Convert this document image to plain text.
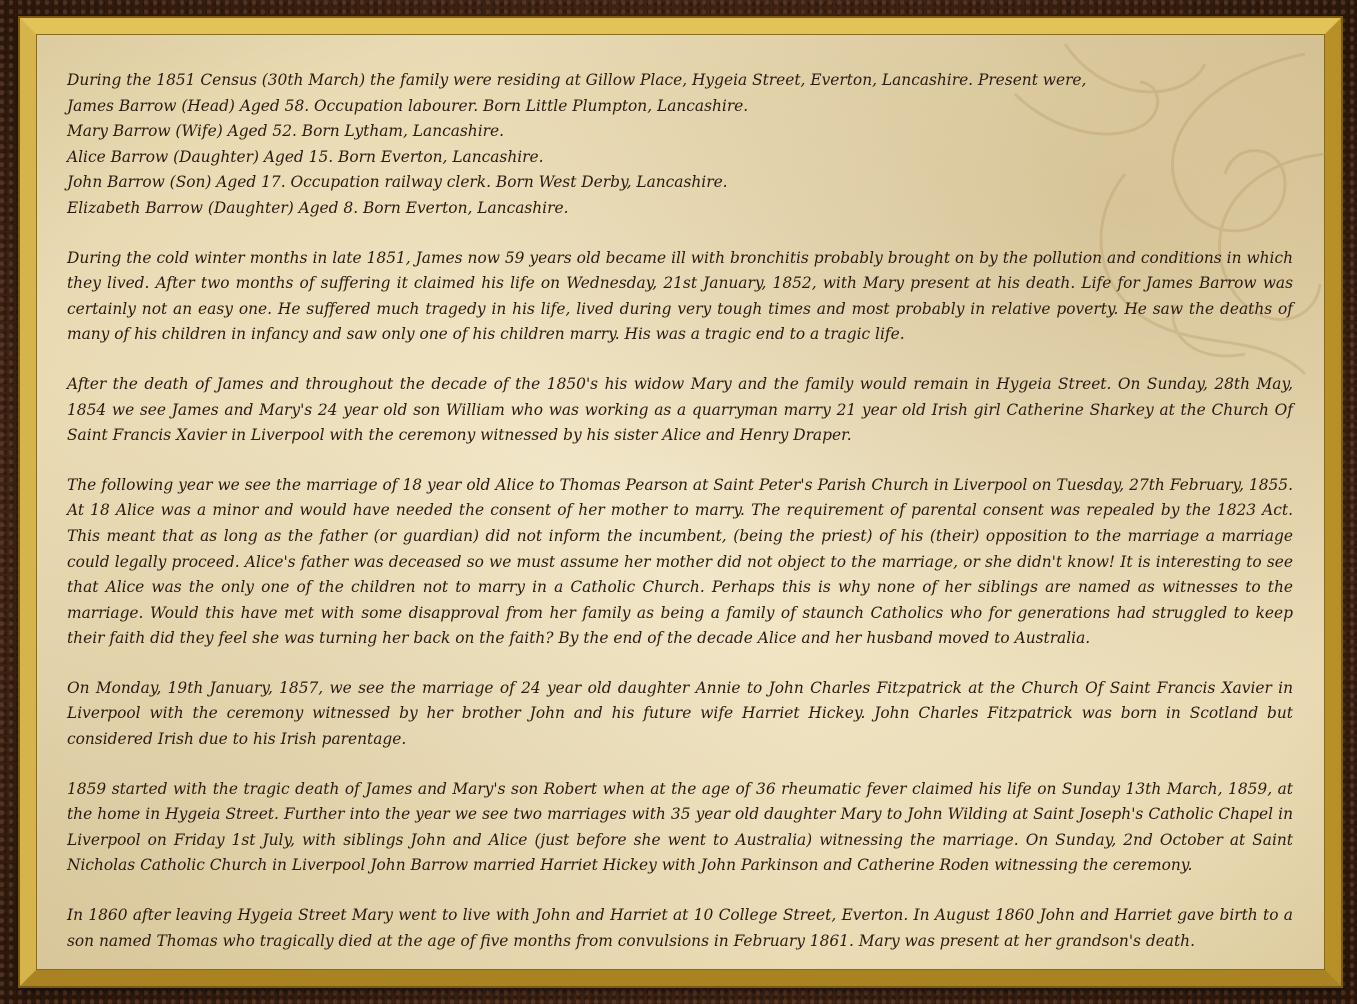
During the 1851 Census (30th March) the family were residing at Gillow Place, Hygeia Street, Everton, Lancashire. Present were,
James Barrow (Head) Aged 58. Occupation labourer. Born Little Plumpton, Lancashire.
Mary Barrow (Wife) Aged 52. Born Lytham, Lancashire.
Alice Barrow (Daughter) Aged 15. Born Everton, Lancashire.
John Barrow (Son) Aged 17. Occupation railway clerk. Born West Derby, Lancashire.
Elizabeth Barrow (Daughter) Aged 8. Born Everton, Lancashire.

During the cold winter months in late 1851, James now 59 years old became ill with bronchitis probably brought on by the pollution and conditions in which they lived. After two months of suffering it claimed his life on Wednesday, 21st January, 1852, with Mary present at his death. Life for James Barrow was certainly not an easy one. He suffered much tragedy in his life, lived during very tough times and most probably in relative poverty. He saw the deaths of many of his children in infancy and saw only one of his children marry. His was a tragic end to a tragic life.

After the death of James and throughout the decade of the 1850's his widow Mary and the family would remain in Hygeia Street. On Sunday, 28th May, 1854 we see James and Mary's 24 year old son William who was working as a quarryman marry 21 year old Irish girl Catherine Sharkey at the Church Of Saint Francis Xavier in Liverpool with the ceremony witnessed by his sister Alice and Henry Draper.

The following year we see the marriage of 18 year old Alice to Thomas Pearson at Saint Peter's Parish Church in Liverpool on Tuesday, 27th February, 1855. At 18 Alice was a minor and would have needed the consent of her mother to marry. The requirement of parental consent was repealed by the 1823 Act. This meant that as long as the father (or guardian) did not inform the incumbent, (being the priest) of his (their) opposition to the marriage a marriage could legally proceed. Alice's father was deceased so we must assume her mother did not object to the marriage, or she didn't know! It is interesting to see that Alice was the only one of the children not to marry in a Catholic Church. Perhaps this is why none of her siblings are named as witnesses to the marriage. Would this have met with some disapproval from her family as being a family of staunch Catholics who for generations had struggled to keep their faith did they feel she was turning her back on the faith? By the end of the decade Alice and her husband moved to Australia.

On Monday, 19th January, 1857, we see the marriage of 24 year old daughter Annie to John Charles Fitzpatrick at the Church Of Saint Francis Xavier in Liverpool with the ceremony witnessed by her brother John and his future wife Harriet Hickey. John Charles Fitzpatrick was born in Scotland but considered Irish due to his Irish parentage.

1859 started with the tragic death of James and Mary's son Robert when at the age of 36 rheumatic fever claimed his life on Sunday 13th March, 1859, at the home in Hygeia Street. Further into the year we see two marriages with 35 year old daughter Mary to John Wilding at Saint Joseph's Catholic Chapel in Liverpool on Friday 1st July, with siblings John and Alice (just before she went to Australia) witnessing the marriage. On Sunday, 2nd October at Saint Nicholas Catholic Church in Liverpool John Barrow married Harriet Hickey with John Parkinson and Catherine Roden witnessing the ceremony.

In 1860 after leaving Hygeia Street Mary went to live with John and Harriet at 10 College Street, Everton. In August 1860 John and Harriet gave birth to a son named Thomas who tragically died at the age of five months from convulsions in February 1861. Mary was present at her grandson's death.
